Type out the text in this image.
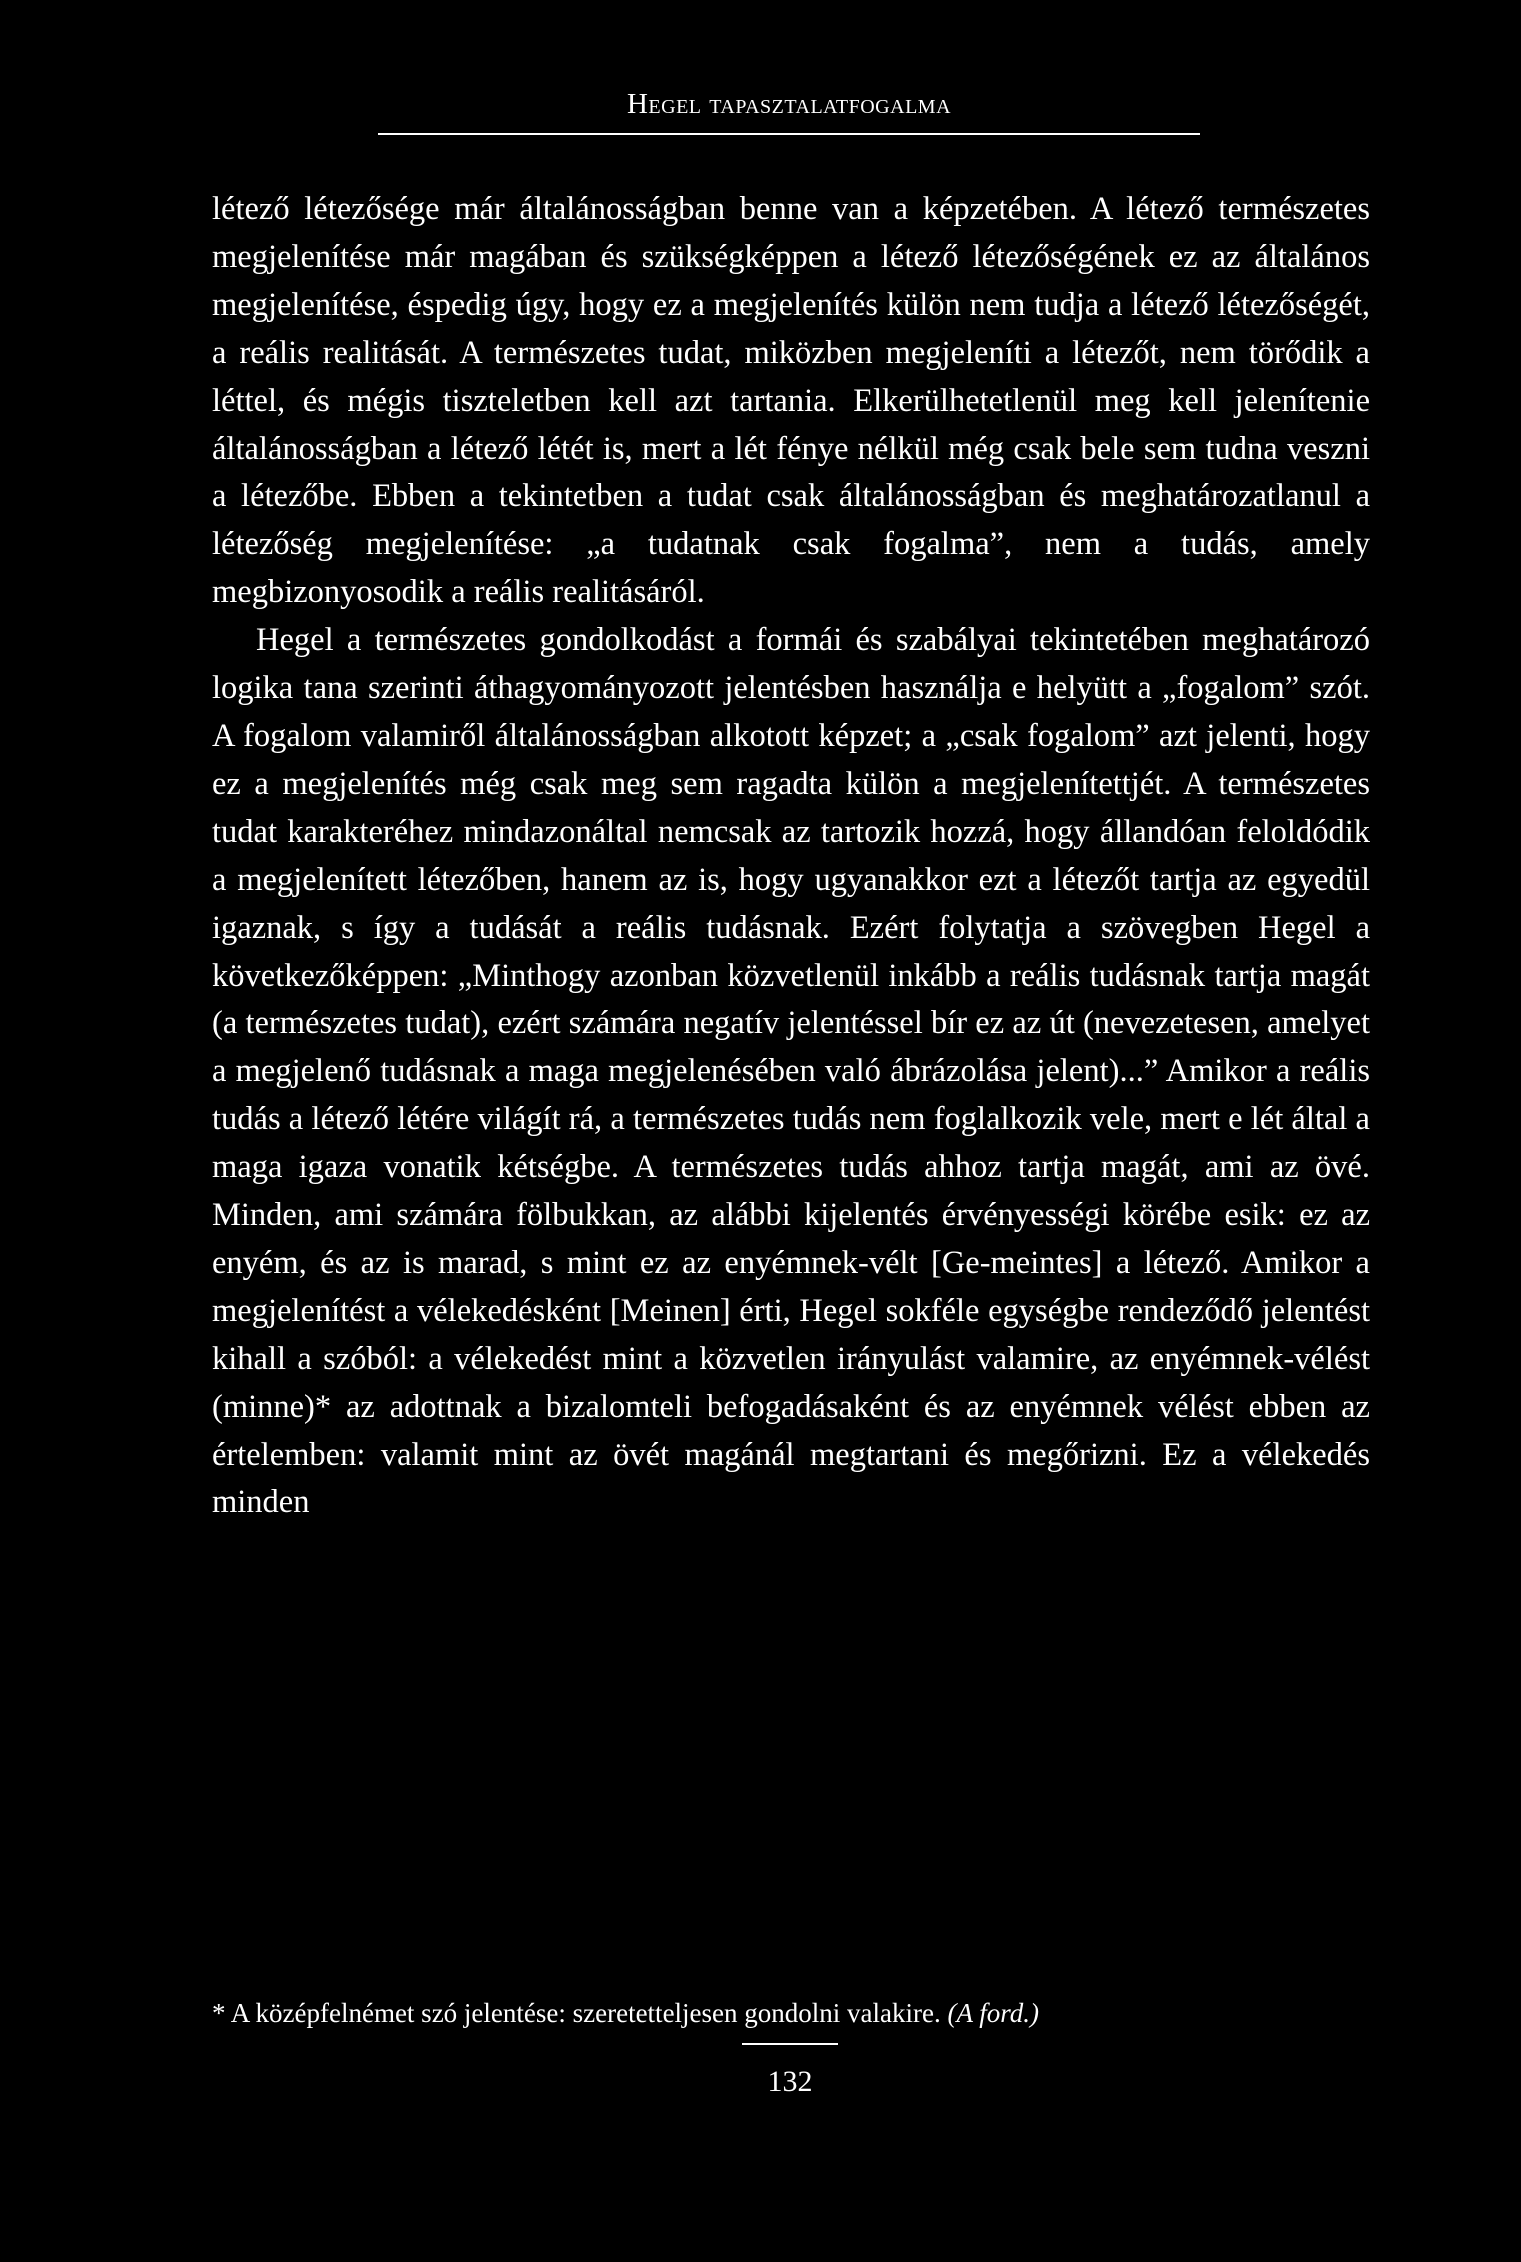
Hegel tapasztalatfogalma

létező létezősége már általánosságban benne van a képzetében. A létező természetes megjelenítése már magában és szükségképpen a létező létezőségének ez az általános megjelenítése, éspedig úgy, hogy ez a megjelenítés külön nem tudja a létező létezőségét, a reális realitását. A természetes tudat, miközben megjeleníti a létezőt, nem törődik a léttel, és mégis tiszteletben kell azt tartania. Elkerülhetetlenül meg kell jelenítenie általánosságban a létező létét is, mert a lét fénye nélkül még csak bele sem tudna veszni a létezőbe. Ebben a tekintetben a tudat csak általánosságban és meghatározatlanul a létezőség megjelenítése: „a tudatnak csak fogalma”, nem a tudás, amely megbizonyosodik a reális realitásáról.

Hegel a természetes gondolkodást a formái és szabályai tekintetében meghatározó logika tana szerinti áthagyományozott jelentésben használja e helyütt a „fogalom” szót. A fogalom valamiről általánosságban alkotott képzet; a „csak fogalom” azt jelenti, hogy ez a megjelenítés még csak meg sem ragadta külön a megjelenítettjét. A természetes tudat karakteréhez mindazonáltal nemcsak az tartozik hozzá, hogy állandóan feloldódik a megjelenített létezőben, hanem az is, hogy ugyanakkor ezt a létezőt tartja az egyedül igaznak, s így a tudását a reális tudásnak. Ezért folytatja a szövegben Hegel a következőképpen: „Minthogy azonban közvetlenül inkább a reális tudásnak tartja magát (a természetes tudat), ezért számára negatív jelentéssel bír ez az út (nevezetesen, amelyet a megjelenő tudásnak a maga megjelenésében való ábrázolása jelent)...” Amikor a reális tudás a létező létére világít rá, a természetes tudás nem foglalkozik vele, mert e lét által a maga igaza vonatik kétségbe. A természetes tudás ahhoz tartja magát, ami az övé. Minden, ami számára fölbukkan, az alábbi kijelentés érvényességi körébe esik: ez az enyém, és az is marad, s mint ez az enyémnek-vélt [Ge-meintes] a létező. Amikor a megjelenítést a vélekedésként [Meinen] érti, Hegel sokféle egységbe rendeződő jelentést kihall a szóból: a vélekedést mint a közvetlen irányulást valamire, az enyémnek-vélést (minne)* az adottnak a bizalomteli befogadásaként és az enyémnek vélést ebben az értelemben: valamit mint az övét magánál megtartani és megőrizni. Ez a vélekedés minden

* A középfelnémet szó jelentése: szeretetteljesen gondolni valakire. (A ford.)
132
